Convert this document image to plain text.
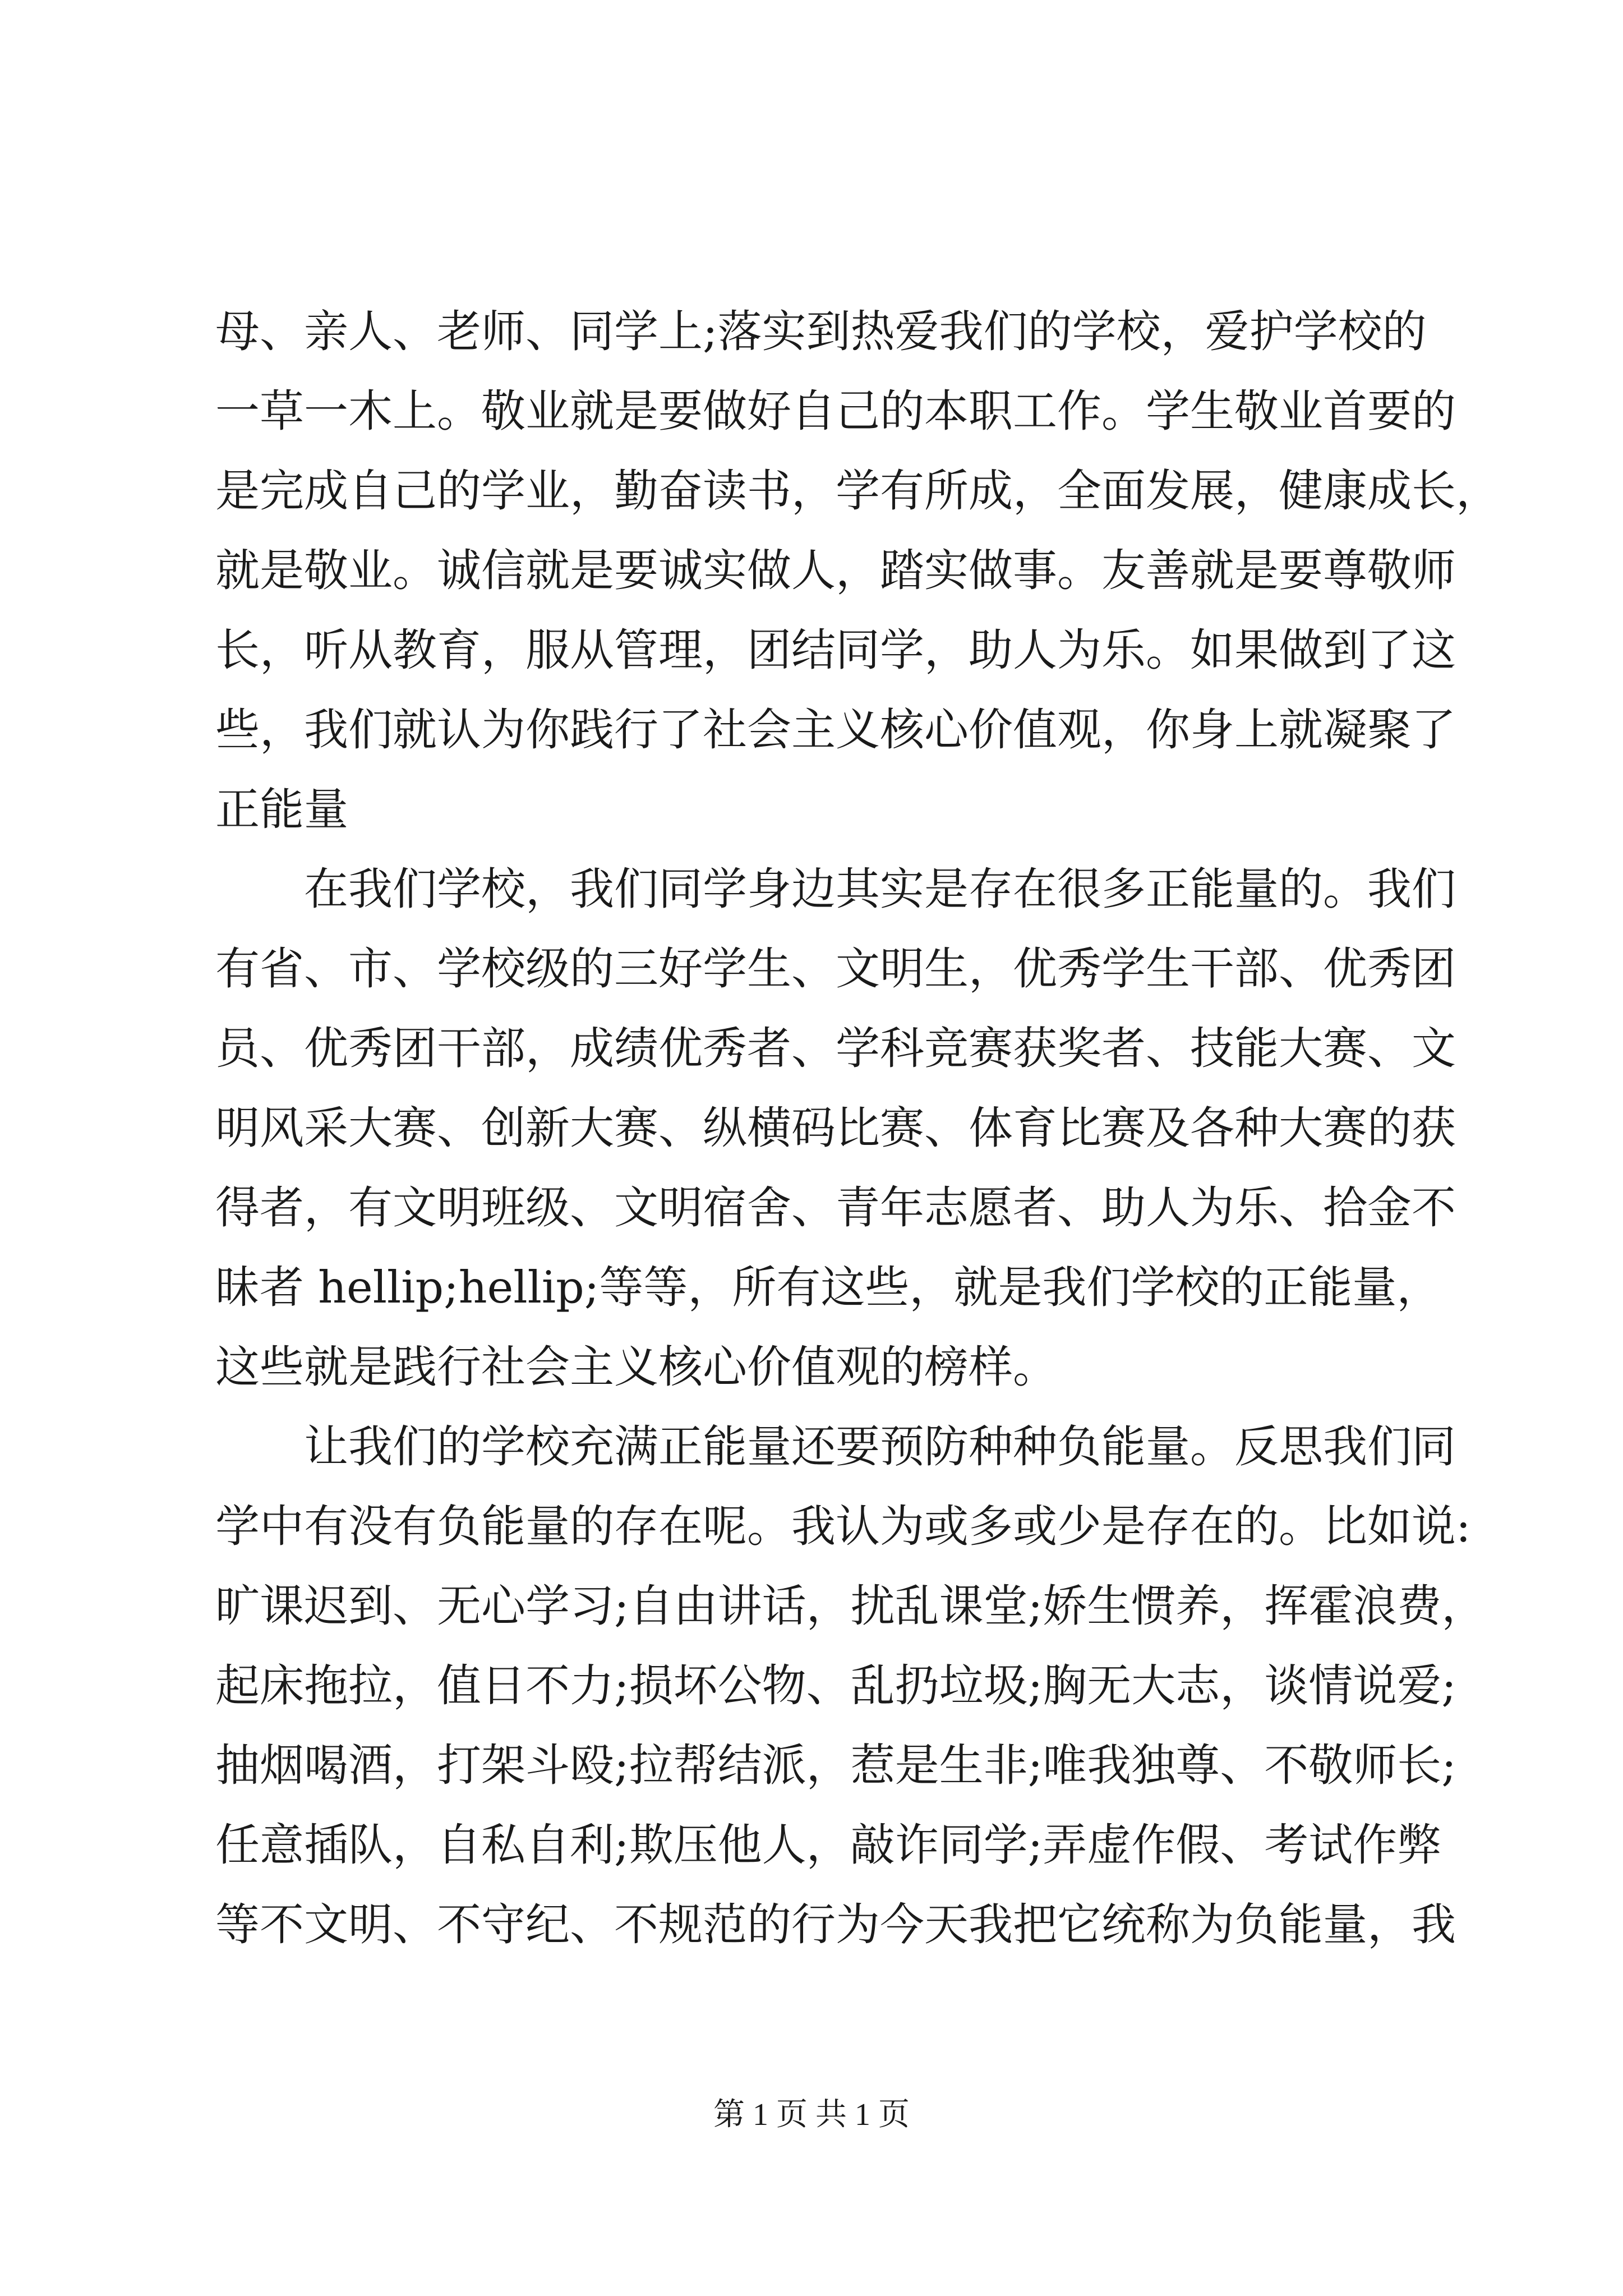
母、亲人、老师、同学上;落实到热爱我们的学校，爱护学校的
一草一木上。敬业就是要做好自己的本职工作。学生敬业首要的
是完成自己的学业，勤奋读书，学有所成，全面发展，健康成长，
就是敬业。诚信就是要诚实做人，踏实做事。友善就是要尊敬师
长，听从教育，服从管理，团结同学，助人为乐。如果做到了这
些，我们就认为你践行了社会主义核心价值观，你身上就凝聚了
正能量
在我们学校，我们同学身边其实是存在很多正能量的。我们
有省、市、学校级的三好学生、文明生，优秀学生干部、优秀团
员、优秀团干部，成绩优秀者、学科竞赛获奖者、技能大赛、文
明风采大赛、创新大赛、纵横码比赛、体育比赛及各种大赛的获
得者，有文明班级、文明宿舍、青年志愿者、助人为乐、拾金不
昧者 hellip;hellip;等等，所有这些，就是我们学校的正能量，
这些就是践行社会主义核心价值观的榜样。
让我们的学校充满正能量还要预防种种负能量。反思我们同
学中有没有负能量的存在呢。我认为或多或少是存在的。比如说:
旷课迟到、无心学习;自由讲话，扰乱课堂;娇生惯养，挥霍浪费，
起床拖拉，值日不力;损坏公物、乱扔垃圾;胸无大志，谈情说爱;
抽烟喝酒，打架斗殴;拉帮结派，惹是生非;唯我独尊、不敬师长;
任意插队，自私自利;欺压他人，敲诈同学;弄虚作假、考试作弊
等不文明、不守纪、不规范的行为今天我把它统称为负能量，我
第 1 页 共 1 页
